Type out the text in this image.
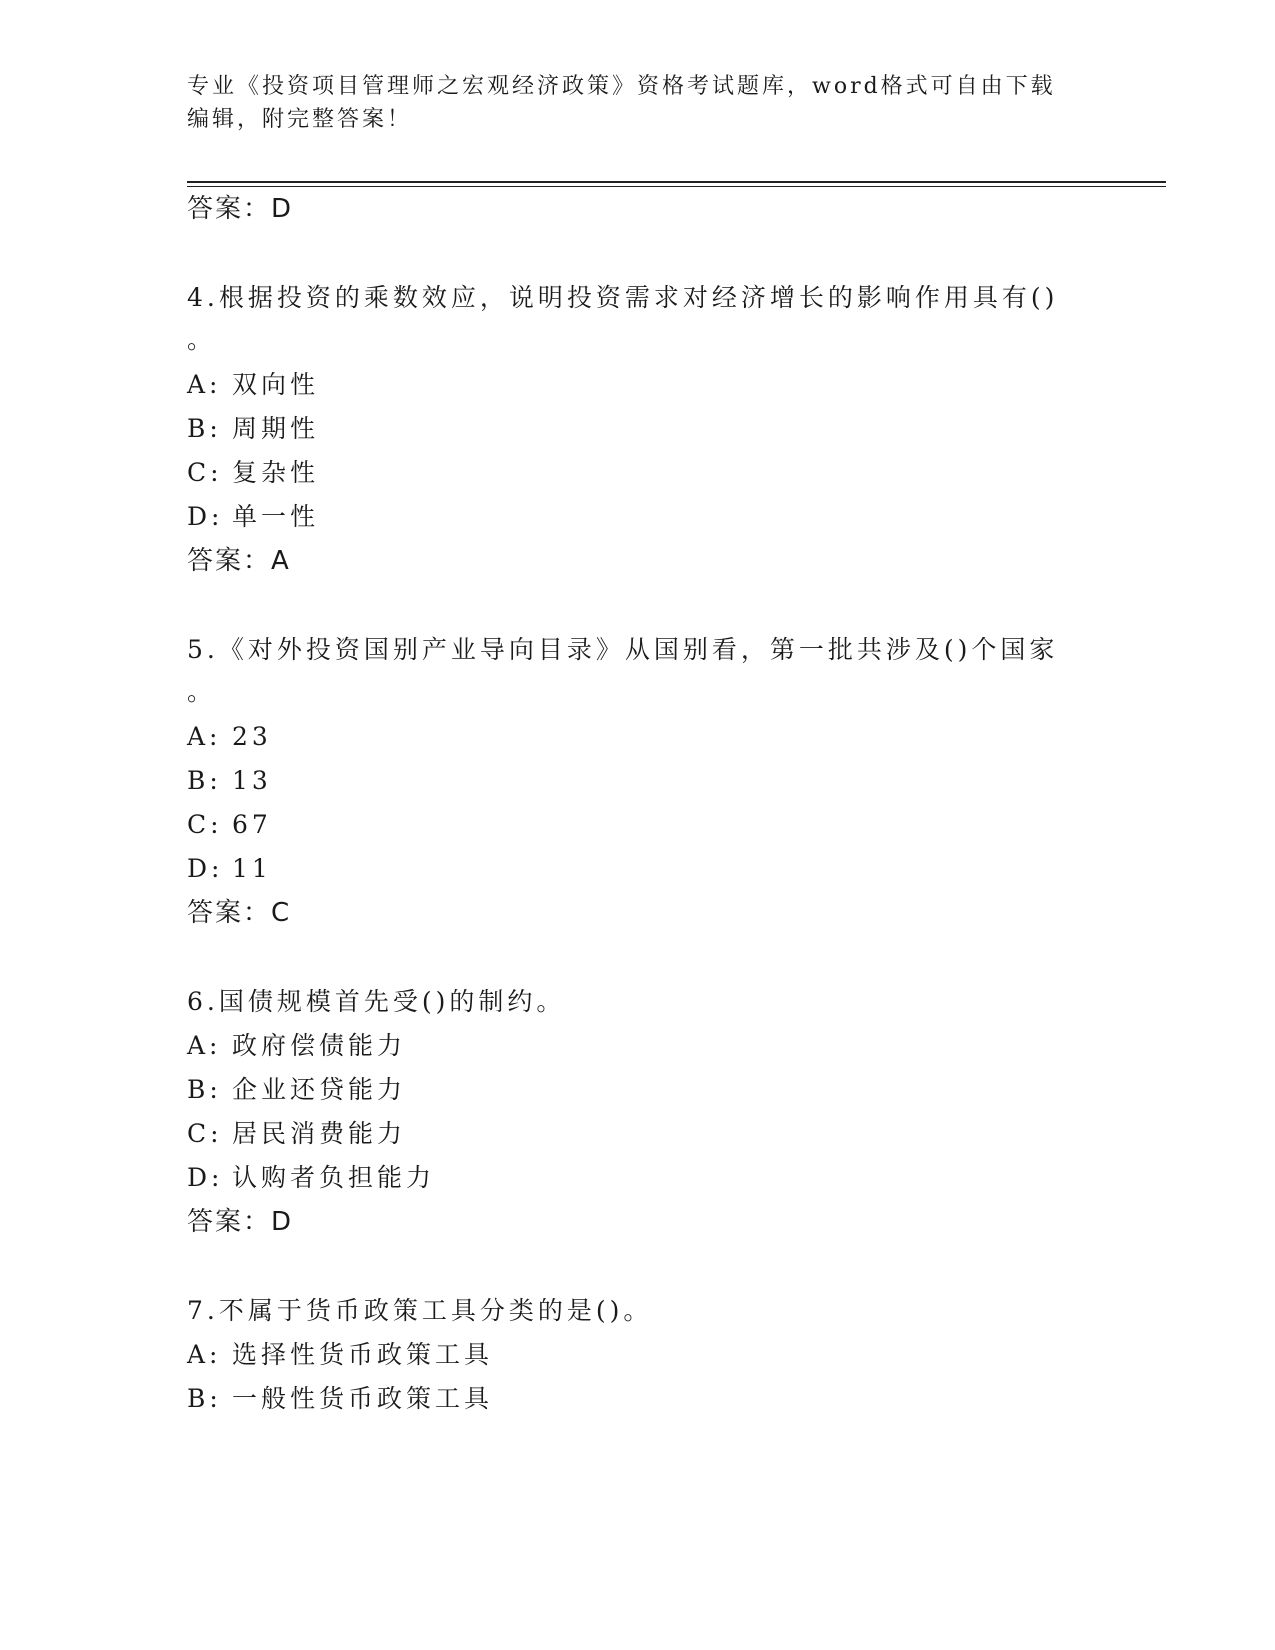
专业《投资项目管理师之宏观经济政策》资格考试题库，word格式可自由下载编辑，附完整答案！
答案：D
4.根据投资的乘数效应，说明投资需求对经济增长的影响作用具有()
。
A: 双向性
B: 周期性
C: 复杂性
D: 单一性
答案：A
5.《对外投资国别产业导向目录》从国别看，第一批共涉及()个国家
。
A: 23
B: 13
C: 67
D: 11
答案：C
6.国债规模首先受()的制约。
A: 政府偿债能力
B: 企业还贷能力
C: 居民消费能力
D: 认购者负担能力
答案：D
7.不属于货币政策工具分类的是()。
A: 选择性货币政策工具
B: 一般性货币政策工具
